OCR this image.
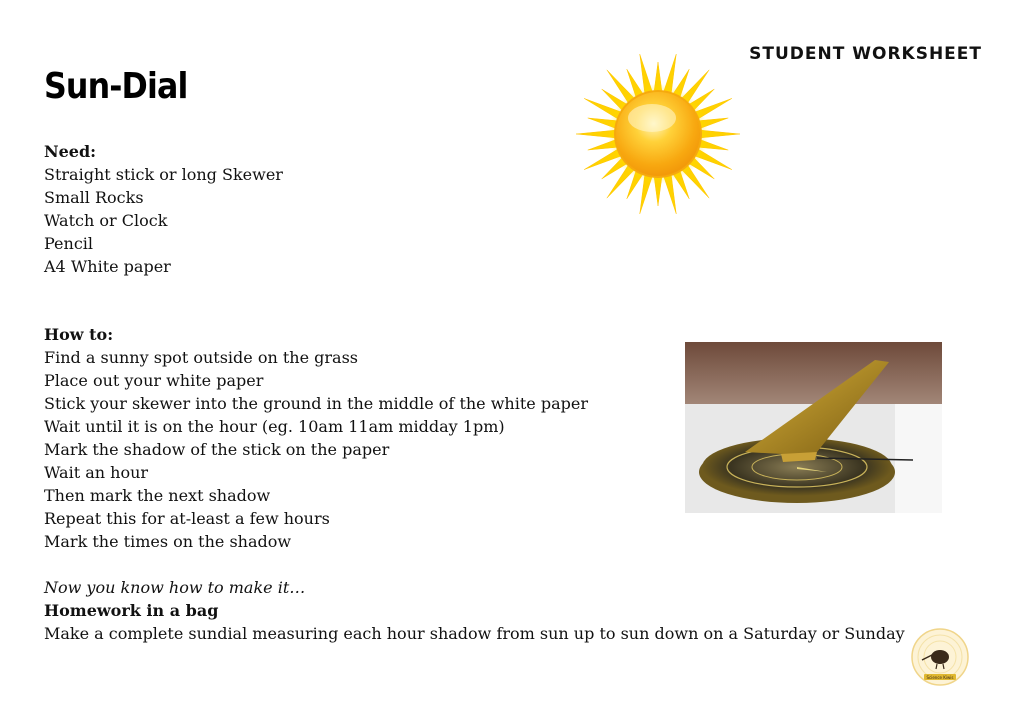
STUDENT WORKSHEET
Sun-Dial
Need:
Straight stick or long Skewer
Small Rocks
Watch or Clock
Pencil
A4 White paper
How to:
Find a sunny spot outside on the grass
Place out your white paper
Stick your skewer into the ground in the middle of the white paper
Wait until it is on the hour (eg. 10am 11am midday 1pm)
Mark the shadow of the stick on the paper
Wait an hour
Then mark the next shadow
Repeat this for at-least a few hours
Mark the times on the shadow
Now you know how to make it…
Homework in a bag
Make a complete sundial measuring each hour shadow from sun up to sun down on a Saturday or Sunday
Science Kiwis
